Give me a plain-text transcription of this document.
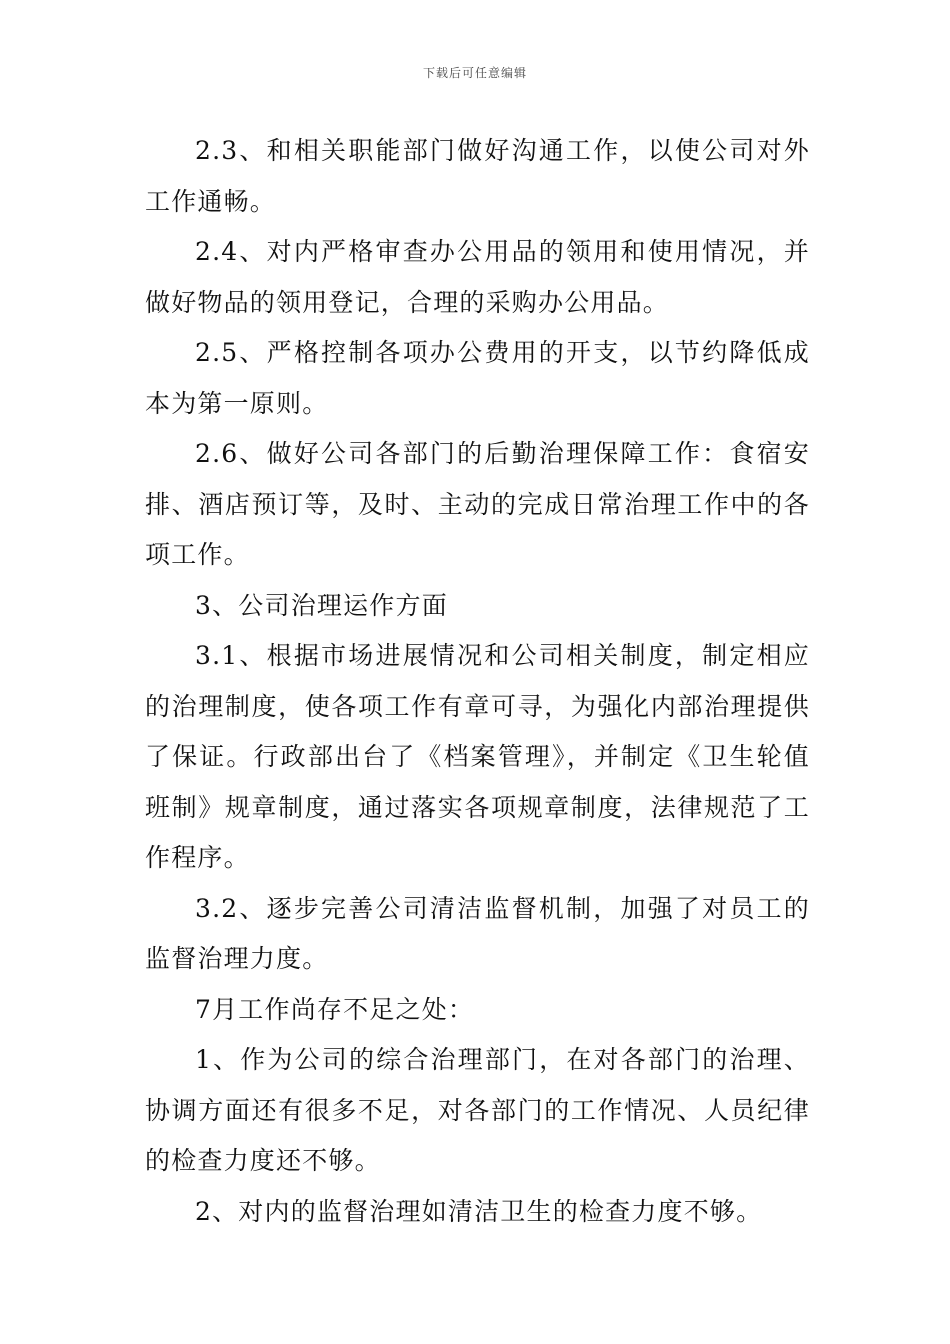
下载后可任意编辑

2.3、和相关职能部门做好沟通工作，以使公司对外工作通畅。

2.4、对内严格审查办公用品的领用和使用情况，并做好物品的领用登记，合理的采购办公用品。

2.5、严格控制各项办公费用的开支，以节约降低成本为第一原则。

2.6、做好公司各部门的后勤治理保障工作：食宿安排、酒店预订等，及时、主动的完成日常治理工作中的各项工作。

3、公司治理运作方面

3.1、根据市场进展情况和公司相关制度，制定相应的治理制度，使各项工作有章可寻，为强化内部治理提供了保证。行政部出台了《档案管理》，并制定《卫生轮值班制》规章制度，通过落实各项规章制度，法律规范了工作程序。

3.2、逐步完善公司清洁监督机制，加强了对员工的监督治理力度。

7月工作尚存不足之处：

1、作为公司的综合治理部门，在对各部门的治理、协调方面还有很多不足，对各部门的工作情况、人员纪律的检查力度还不够。

2、对内的监督治理如清洁卫生的检查力度不够。
